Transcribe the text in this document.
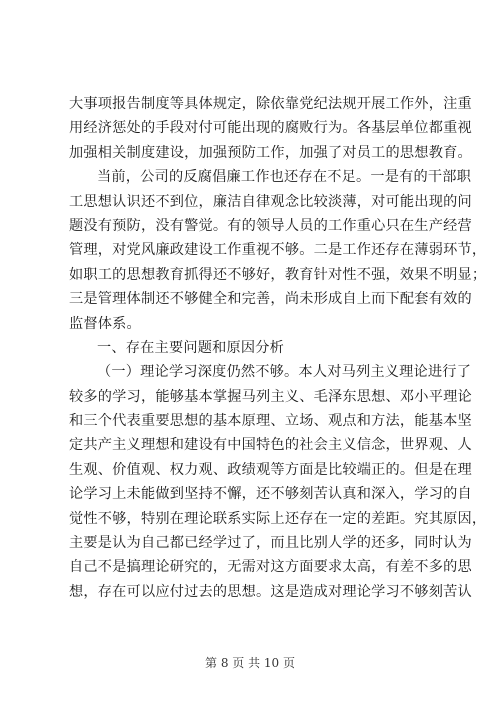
大事项报告制度等具体规定，除依靠党纪法规开展工作外，注重
用经济惩处的手段对付可能出现的腐败行为。各基层单位都重视
加强相关制度建设，加强预防工作，加强了对员工的思想教育。
当前，公司的反腐倡廉工作也还存在不足。一是有的干部职
工思想认识还不到位，廉洁自律观念比较淡薄，对可能出现的问
题没有预防，没有警觉。有的领导人员的工作重心只在生产经营
管理，对党风廉政建设工作重视不够。二是工作还存在薄弱环节，
如职工的思想教育抓得还不够好，教育针对性不强，效果不明显；
三是管理体制还不够健全和完善，尚未形成自上而下配套有效的
监督体系。
一、存在主要问题和原因分析
（一）理论学习深度仍然不够。本人对马列主义理论进行了
较多的学习，能够基本掌握马列主义、毛泽东思想、邓小平理论
和三个代表重要思想的基本原理、立场、观点和方法，能基本坚
定共产主义理想和建设有中国特色的社会主义信念，世界观、人
生观、价值观、权力观、政绩观等方面是比较端正的。但是在理
论学习上未能做到坚持不懈，还不够刻苦认真和深入，学习的自
觉性不够，特别在理论联系实际上还存在一定的差距。究其原因，
主要是认为自己都已经学过了，而且比别人学的还多，同时认为
自己不是搞理论研究的，无需对这方面要求太高，有差不多的思
想，存在可以应付过去的思想。这是造成对理论学习不够刻苦认
第 8 页 共 10 页
